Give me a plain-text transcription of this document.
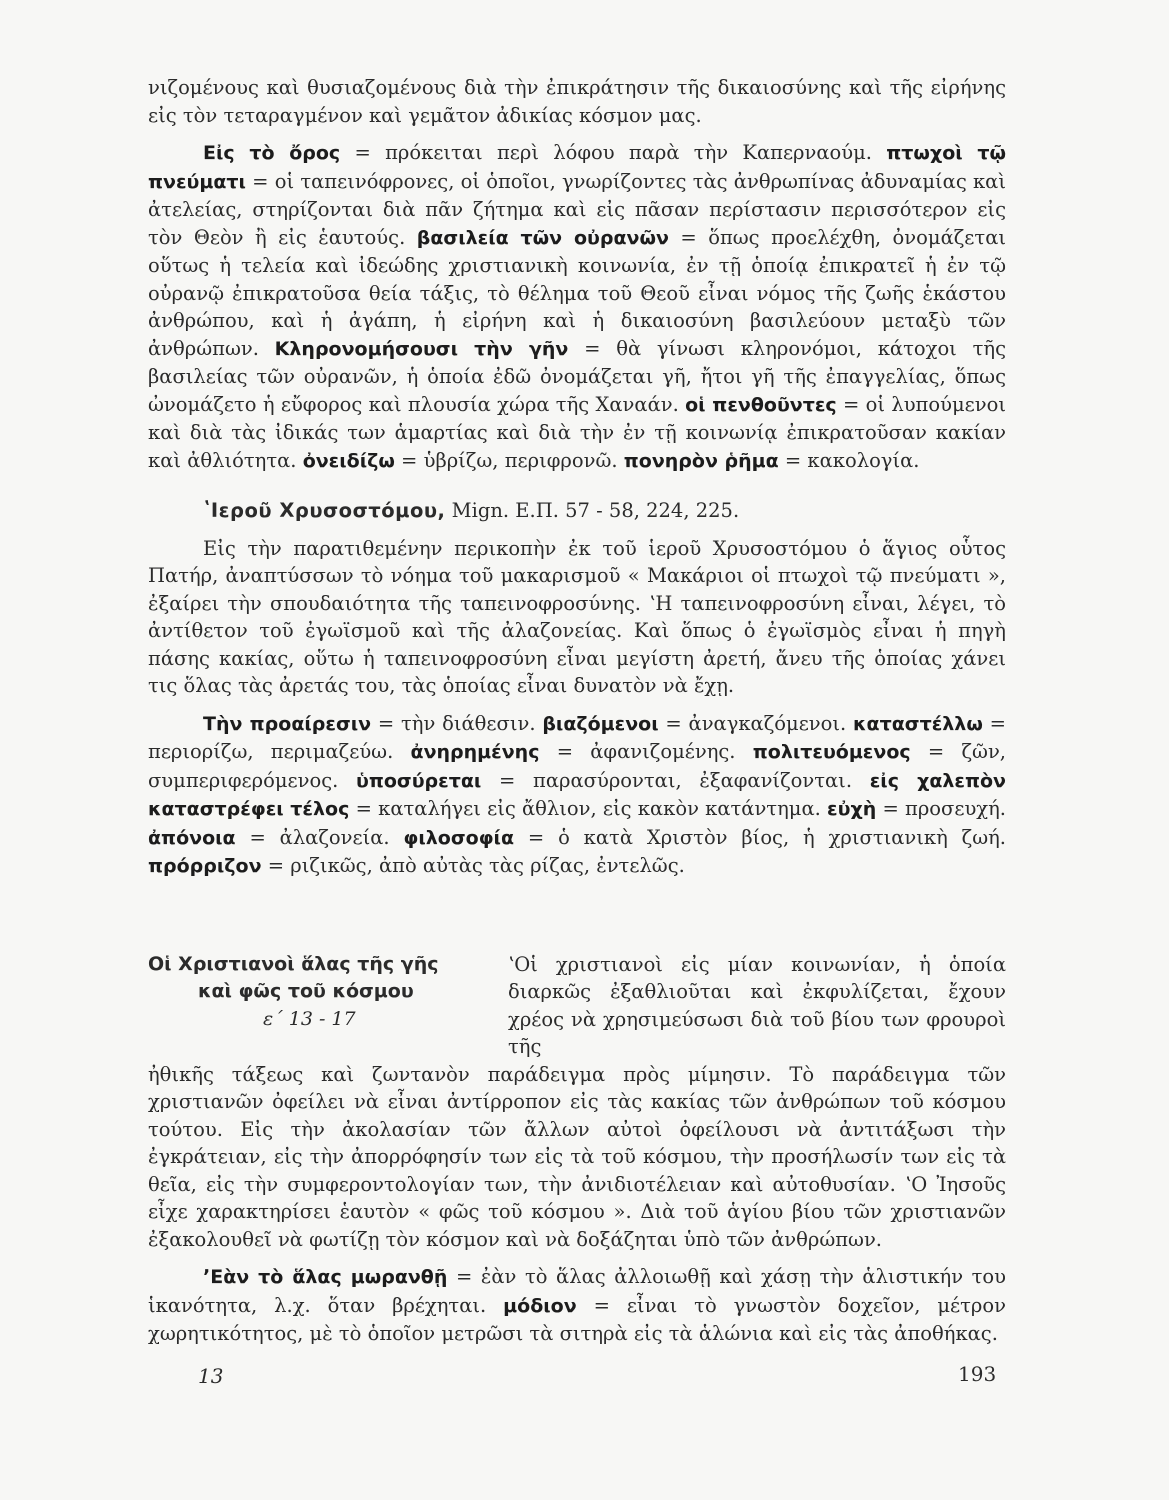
νιζομένους καὶ θυσιαζομένους διὰ τὴν ἐπικράτησιν τῆς δικαιοσύνης καὶ τῆς εἰρήνης εἰς τὸν τεταραγμένον καὶ γεμᾶτον ἀδικίας κόσμον μας.

Εἰς τὸ ὄρος = πρόκειται περὶ λόφου παρὰ τὴν Καπερναούμ. πτωχοὶ τῷ πνεύματι = οἱ ταπεινόφρονες, οἱ ὁποῖοι, γνωρίζοντες τὰς ἀνθρωπίνας ἀδυναμίας καὶ ἀτελείας, στηρίζονται διὰ πᾶν ζήτημα καὶ εἰς πᾶσαν περίστασιν περισσότερον εἰς τὸν Θεὸν ἢ εἰς ἑαυτούς. βασιλεία τῶν οὐρανῶν = ὅπως προελέχθη, ὀνομάζεται οὕτως ἡ τελεία καὶ ἰδεώδης χριστιανικὴ κοινωνία, ἐν τῇ ὁποίᾳ ἐπικρατεῖ ἡ ἐν τῷ οὐρανῷ ἐπικρατοῦσα θεία τάξις, τὸ θέλημα τοῦ Θεοῦ εἶναι νόμος τῆς ζωῆς ἑκάστου ἀνθρώπου, καὶ ἡ ἀγάπη, ἡ εἰρήνη καὶ ἡ δικαιοσύνη βασιλεύουν μεταξὺ τῶν ἀνθρώπων. Κληρονομήσουσι τὴν γῆν = θὰ γίνωσι κληρονόμοι, κάτοχοι τῆς βασιλείας τῶν οὐρανῶν, ἡ ὁποία ἐδῶ ὀνομάζεται γῆ, ἤτοι γῆ τῆς ἐπαγγελίας, ὅπως ὠνομάζετο ἡ εὔφορος καὶ πλουσία χώρα τῆς Χαναάν. οἱ πενθοῦντες = οἱ λυπούμενοι καὶ διὰ τὰς ἰδικάς των ἁμαρτίας καὶ διὰ τὴν ἐν τῇ κοινωνίᾳ ἐπικρατοῦσαν κακίαν καὶ ἀθλιότητα. ὀνειδίζω = ὑβρίζω, περιφρονῶ. πονηρὸν ῥῆμα = κακολογία.

ʽΙεροῦ Χρυσοστόμου, Mign. Ε.Π. 57 - 58, 224, 225.

Εἰς τὴν παρατιθεμένην περικοπὴν ἐκ τοῦ ἱεροῦ Χρυσοστόμου ὁ ἅγιος οὗτος Πατήρ, ἀναπτύσσων τὸ νόημα τοῦ μακαρισμοῦ « Μακάριοι οἱ πτωχοὶ τῷ πνεύματι », ἐξαίρει τὴν σπουδαιότητα τῆς ταπεινοφροσύνης. ʽΗ ταπεινοφροσύνη εἶναι, λέγει, τὸ ἀντίθετον τοῦ ἐγωϊσμοῦ καὶ τῆς ἀλαζονείας. Καὶ ὅπως ὁ ἐγωϊσμὸς εἶναι ἡ πηγὴ πάσης κακίας, οὕτω ἡ ταπεινοφροσύνη εἶναι μεγίστη ἀρετή, ἄνευ τῆς ὁποίας χάνει τις ὅλας τὰς ἀρετάς του, τὰς ὁποίας εἶναι δυνατὸν νὰ ἔχῃ.

Τὴν προαίρεσιν = τὴν διάθεσιν. βιαζόμενοι = ἀναγκαζόμενοι. καταστέλλω = περιορίζω, περιμαζεύω. ἀνηρημένης = ἀφανιζομένης. πολιτευόμενος = ζῶν, συμπεριφερόμενος. ὑποσύρεται = παρασύρονται, ἐξαφανίζονται. εἰς χαλεπὸν καταστρέφει τέλος = καταλήγει εἰς ἄθλιον, εἰς κακὸν κατάντημα. εὐχὴ = προσευχή. ἀπόνοια = ἀλαζονεία. φιλοσοφία = ὁ κατὰ Χριστὸν βίος, ἡ χριστιανικὴ ζωή. πρόρριζον = ριζικῶς, ἀπὸ αὐτὰς τὰς ρίζας, ἐντελῶς.

Οἱ Χριστιανοὶ ἅλας τῆς γῆς
καὶ φῶς τοῦ κόσμου
ε΄ 13 - 17

ʽΟἱ χριστιανοὶ εἰς μίαν κοινωνίαν, ἡ ὁποία διαρκῶς ἐξαθλιοῦται καὶ ἐκφυλίζεται, ἔχουν χρέος νὰ χρησιμεύσωσι διὰ τοῦ βίου των φρουροὶ τῆς

ἠθικῆς τάξεως καὶ ζωντανὸν παράδειγμα πρὸς μίμησιν. Τὸ παράδειγμα τῶν χριστιανῶν ὀφείλει νὰ εἶναι ἀντίρροπον εἰς τὰς κακίας τῶν ἀνθρώπων τοῦ κόσμου τούτου. Εἰς τὴν ἀκολασίαν τῶν ἄλλων αὐτοὶ ὀφείλουσι νὰ ἀντιτάξωσι τὴν ἐγκράτειαν, εἰς τὴν ἀπορρόφησίν των εἰς τὰ τοῦ κόσμου, τὴν προσήλωσίν των εἰς τὰ θεῖα, εἰς τὴν συμφεροντολογίαν των, τὴν ἀνιδιοτέλειαν καὶ αὐτοθυσίαν. ʽΟ Ἰησοῦς εἶχε χαρακτηρίσει ἑαυτὸν « φῶς τοῦ κόσμου ». Διὰ τοῦ ἁγίου βίου τῶν χριστιανῶν ἐξακολουθεῖ νὰ φωτίζῃ τὸν κόσμον καὶ νὰ δοξάζηται ὑπὸ τῶν ἀνθρώπων.

ʼΕὰν τὸ ἅλας μωρανθῇ = ἐὰν τὸ ἅλας ἀλλοιωθῇ καὶ χάσῃ τὴν ἁλιστικήν του ἱκανότητα, λ.χ. ὅταν βρέχηται. μόδιον = εἶναι τὸ γνωστὸν δοχεῖον, μέτρον χωρητικότητος, μὲ τὸ ὁποῖον μετρῶσι τὰ σιτηρὰ εἰς τὰ ἁλώνια καὶ εἰς τὰς ἀποθήκας.

13	193
